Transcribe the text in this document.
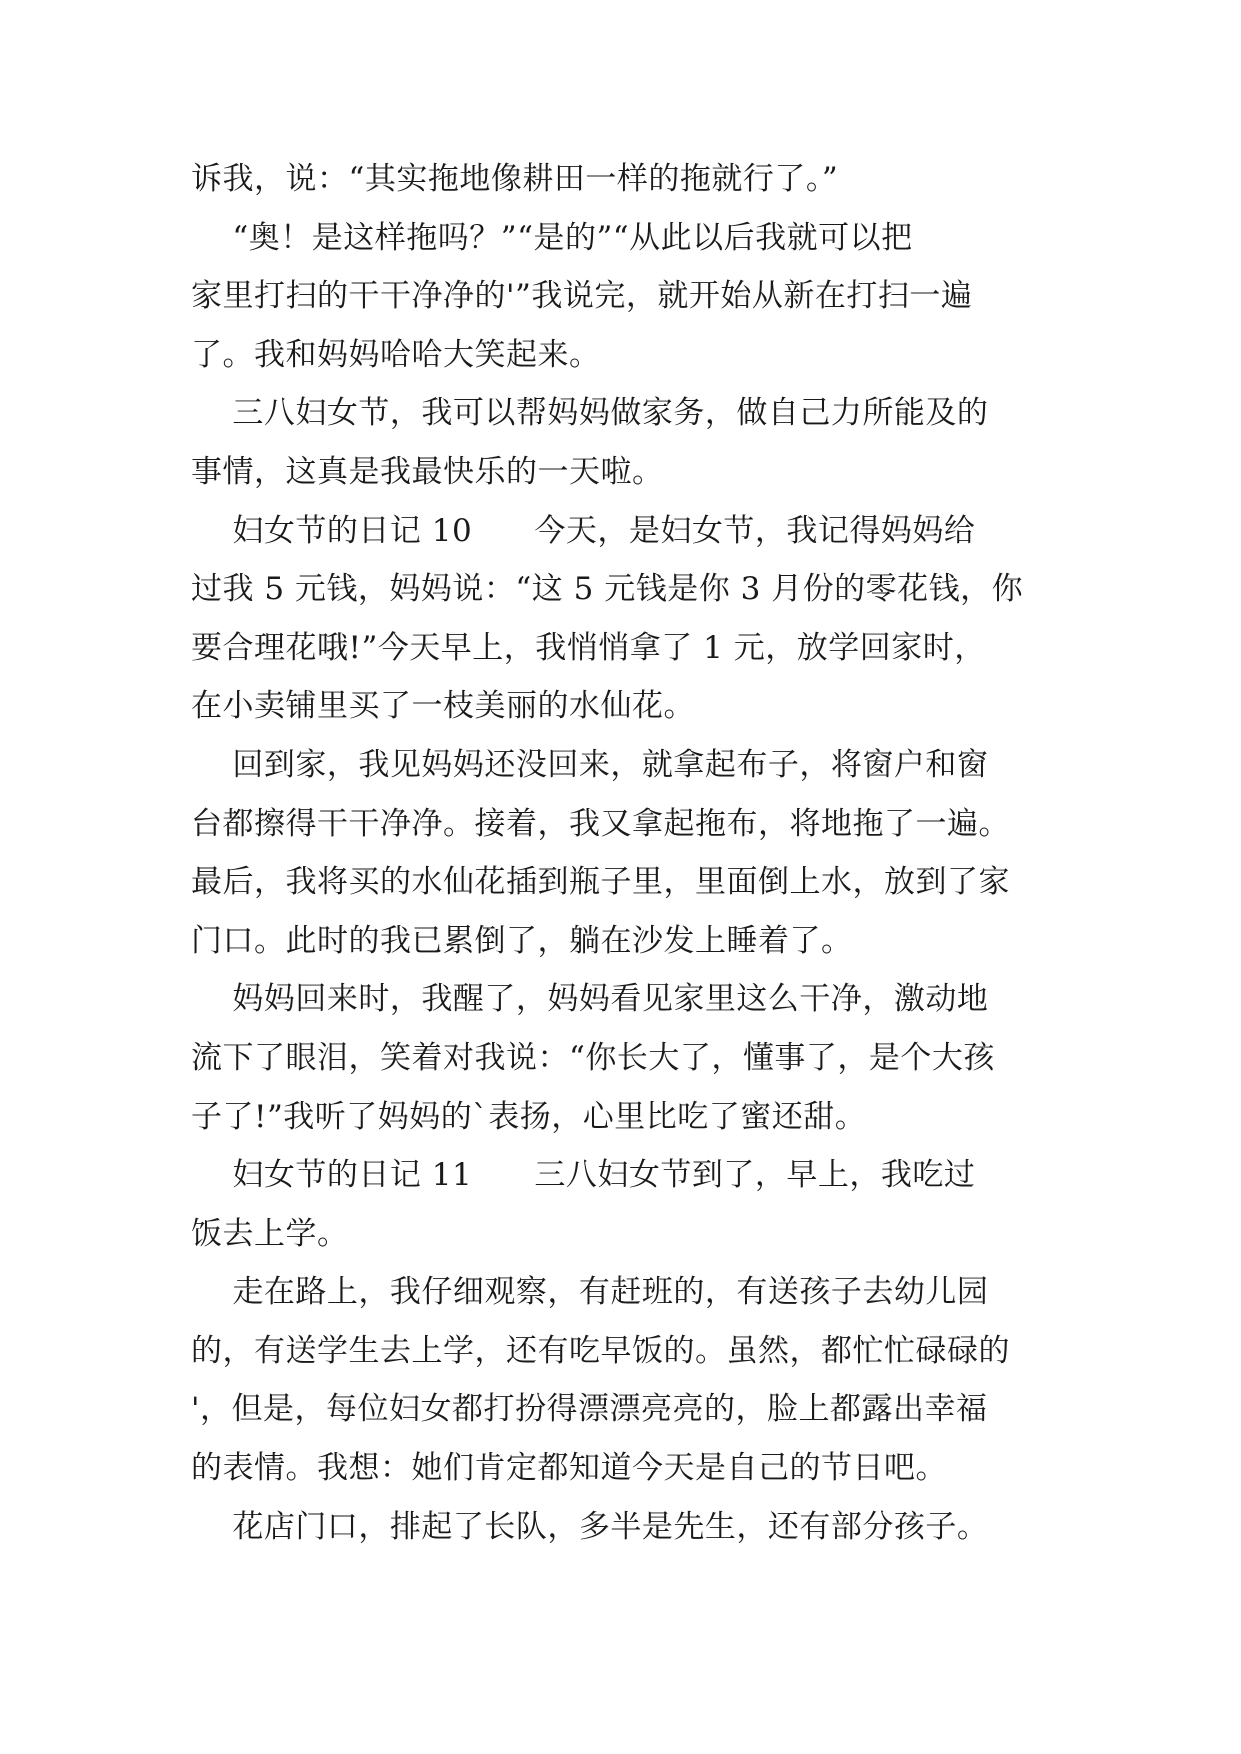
诉我，说：“其实拖地像耕田一样的拖就行了。”
“奥！是这样拖吗？”“是的”“从此以后我就可以把
家里打扫的干干净净的'”我说完，就开始从新在打扫一遍
了。我和妈妈哈哈大笑起来。
三八妇女节，我可以帮妈妈做家务，做自己力所能及的
事情，这真是我最快乐的一天啦。
妇女节的日记 10      今天，是妇女节，我记得妈妈给
过我 5 元钱，妈妈说：“这 5 元钱是你 3 月份的零花钱，你
要合理花哦!”今天早上，我悄悄拿了 1 元，放学回家时，
在小卖铺里买了一枝美丽的水仙花。
回到家，我见妈妈还没回来，就拿起布子，将窗户和窗
台都擦得干干净净。接着，我又拿起拖布，将地拖了一遍。
最后，我将买的水仙花插到瓶子里，里面倒上水，放到了家
门口。此时的我已累倒了，躺在沙发上睡着了。
妈妈回来时，我醒了，妈妈看见家里这么干净，激动地
流下了眼泪，笑着对我说：“你长大了，懂事了，是个大孩
子了!”我听了妈妈的`表扬，心里比吃了蜜还甜。
妇女节的日记 11      三八妇女节到了，早上，我吃过
饭去上学。
走在路上，我仔细观察，有赶班的，有送孩子去幼儿园
的，有送学生去上学，还有吃早饭的。虽然，都忙忙碌碌的
'，但是，每位妇女都打扮得漂漂亮亮的，脸上都露出幸福
的表情。我想：她们肯定都知道今天是自己的节日吧。
花店门口，排起了长队，多半是先生，还有部分孩子。
